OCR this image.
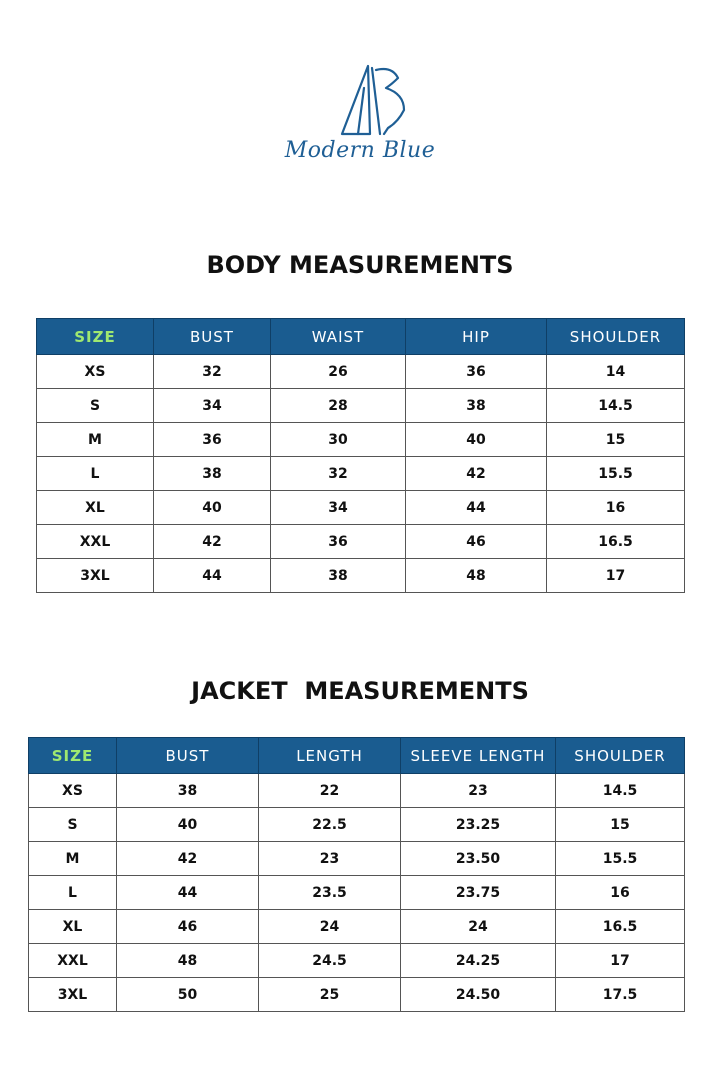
Modern Blue
BODY MEASUREMENTS
SIZE	BUST	WAIST	HIP	SHOULDER
XS	32	26	36	14
S	34	28	38	14.5
M	36	30	40	15
L	38	32	42	15.5
XL	40	34	44	16
XXL	42	36	46	16.5
3XL	44	38	48	17
JACKET  MEASUREMENTS
SIZE	BUST	LENGTH	SLEEVE LENGTH	SHOULDER
XS	38	22	23	14.5
S	40	22.5	23.25	15
M	42	23	23.50	15.5
L	44	23.5	23.75	16
XL	46	24	24	16.5
XXL	48	24.5	24.25	17
3XL	50	25	24.50	17.5
